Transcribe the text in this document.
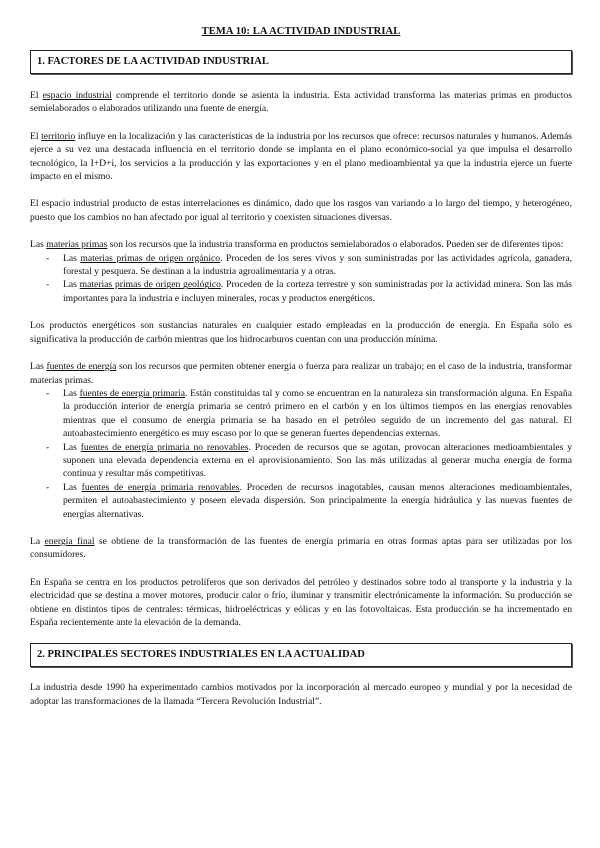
TEMA 10: LA ACTIVIDAD INDUSTRIAL
1. FACTORES DE LA ACTIVIDAD INDUSTRIAL

El espacio industrial comprende el territorio donde se asienta la industria. Esta actividad transforma las materias primas en productos semielaborados o elaborados utilizando una fuente de energía.

El territorio influye en la localización y las características de la industria por los recursos que ofrece: recursos naturales y humanos. Además ejerce a su vez una destacada influencia en el territorio donde se implanta en el plano económico-social ya que impulsa el desarrollo tecnológico, la I+D+i, los servicios a la producción y las exportaciones y en el plano medioambiental ya que la industria ejerce un fuerte impacto en el mismo.

El espacio industrial producto de estas interrelaciones es dinámico, dado que los rasgos van variando a lo largo del tiempo, y heterogéneo, puesto que los cambios no han afectado por igual al territorio y coexisten situaciones diversas.

Las materias primas son los recursos que la industria transforma en productos semielaborados o elaborados. Pueden ser de diferentes tipos:

- Las materias primas de origen orgánico. Proceden de los seres vivos y son suministradas por las actividades agrícola, ganadera, forestal y pesquera. Se destinan a la industria agroalimentaria y a otras.
- Las materias primas de origen geológico. Proceden de la corteza terrestre y son suministradas por la actividad minera. Son las más importantes para la industria e incluyen minerales, rocas y productos energéticos.

Los productos energéticos son sustancias naturales en cualquier estado empleadas en la producción de energía. En España solo es significativa la producción de carbón mientras que los hidrocarburos cuentan con una producción mínima.

Las fuentes de energía son los recursos que permiten obtener energía o fuerza para realizar un trabajo; en el caso de la industria, transformar materias primas.

- Las fuentes de energía primaria. Están constituidas tal y como se encuentran en la naturaleza sin transformación alguna. En España la producción interior de energía primaria se centró primero en el carbón y en los últimos tiempos en las energías renovables mientras que el consumo de energía primaria se ha basado en el petróleo seguido de un incremento del gas natural. El autoabastecimiento energético es muy escaso por lo que se generan fuertes dependencias externas.
- Las fuentes de energía primaria no renovables. Proceden de recursos que se agotan, provocan alteraciones medioambientales y suponen una elevada dependencia externa en el aprovisionamiento. Son las más utilizadas al generar mucha energía de forma continua y resultar más competitivas.
- Las fuentes de energía primaria renovables. Proceden de recursos inagotables, causan menos alteraciones medioambientales, permiten el autoabastecimiento y poseen elevada dispersión. Son principalmente la energía hidráulica y las nuevas fuentes de energías alternativas.

La energía final se obtiene de la transformación de las fuentes de energía primaria en otras formas aptas para ser utilizadas por los consumidores.

En España se centra en los productos petrolíferos que son derivados del petróleo y destinados sobre todo al transporte y la industria y la electricidad que se destina a mover motores, producir calor o frío, iluminar y transmitir electrónicamente la información. Su producción se obtiene en distintos tipos de centrales: térmicas, hidroeléctricas y eólicas y en las fotovoltaicas. Esta producción se ha incrementado en España recientemente ante la elevación de la demanda.

2. PRINCIPALES SECTORES INDUSTRIALES EN LA ACTUALIDAD

La industria desde 1990 ha experimentado cambios motivados por la incorporación al mercado europeo y mundial y por la necesidad de adoptar las transformaciones de la llamada “Tercera Revolución Industrial”.
